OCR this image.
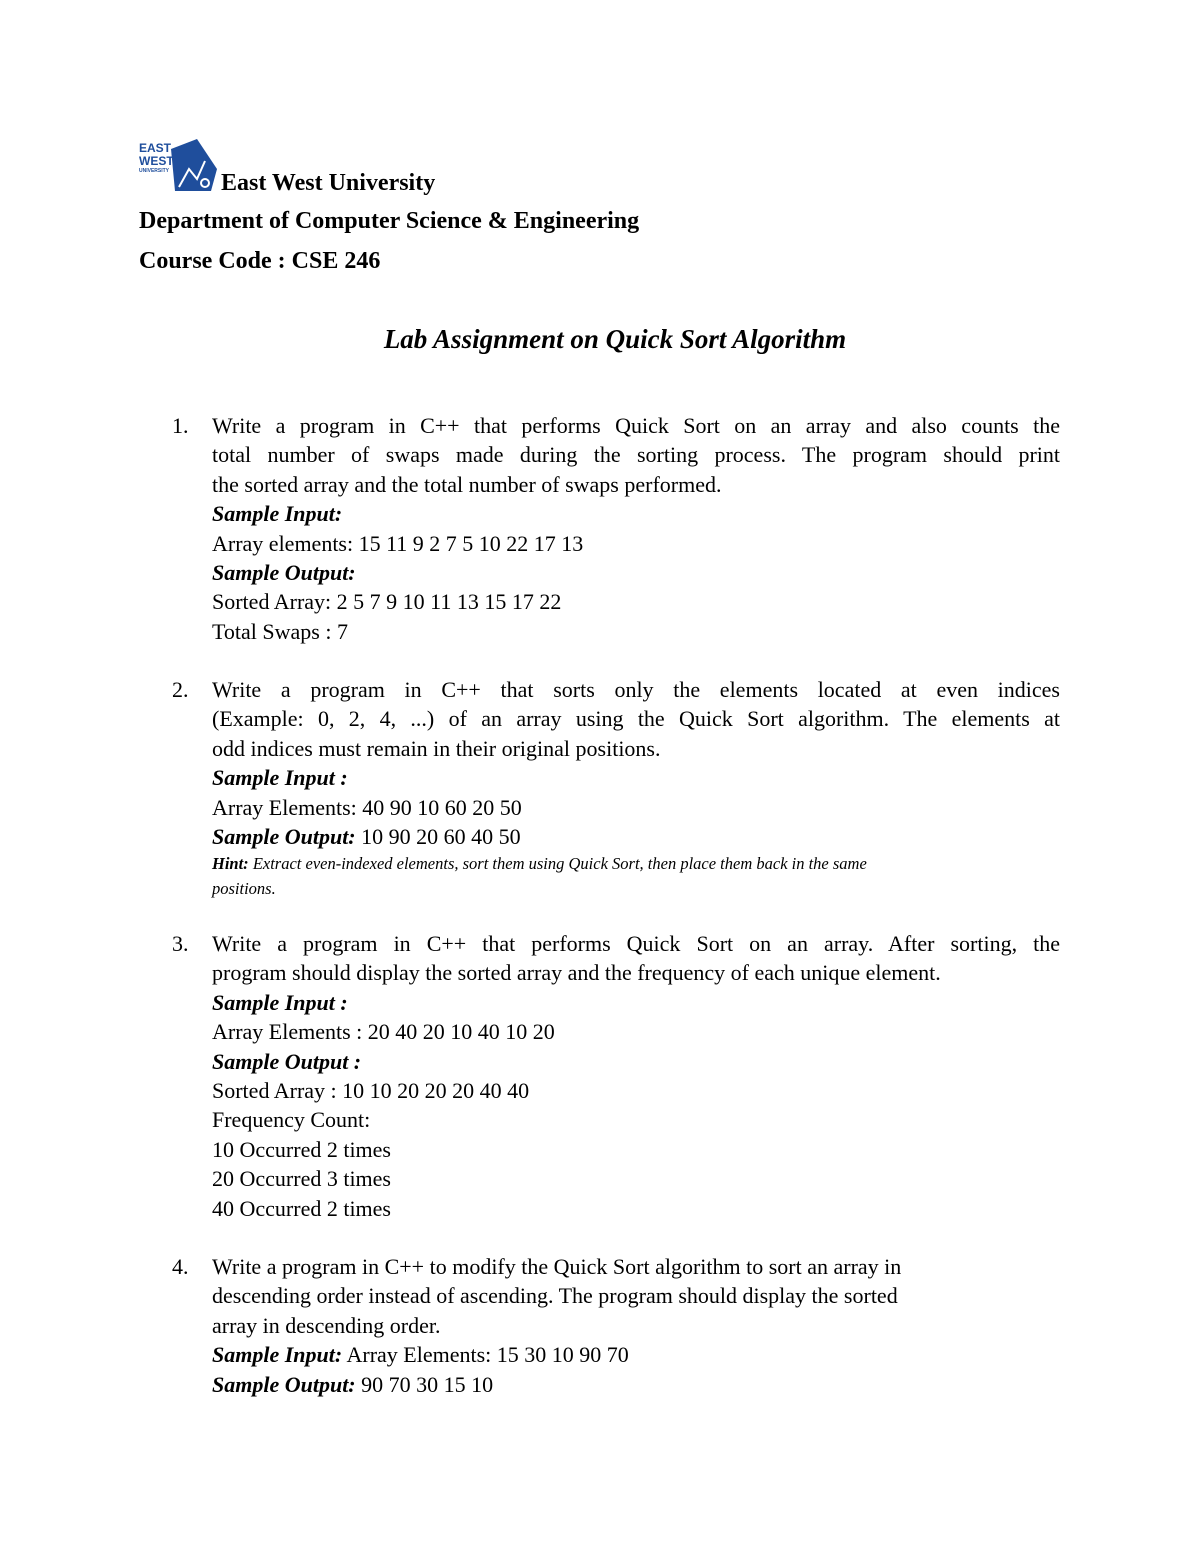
EAST
WEST
UNIVERSITY East West University
Department of Computer Science & Engineering
Course Code : CSE 246
Lab Assignment on Quick Sort Algorithm
1.	Write a program in C++ that performs Quick Sort on an array and also counts the

total number of swaps made during the sorting process. The program should print

the sorted array and the total number of swaps performed.

Sample Input:

Array elements: 15 11 9 2 7 5 10 22 17 13

Sample Output:

Sorted Array: 2 5 7 9 10 11 13 15 17 22

Total Swaps : 7

2.	Write a program in C++ that sorts only the elements located at even indices

(Example: 0, 2, 4, ...) of an array using the Quick Sort algorithm. The elements at

odd indices must remain in their original positions.

Sample Input :

Array Elements: 40 90 10 60 20 50

Sample Output: 10 90 20 60 40 50

Hint: Extract even-indexed elements, sort them using Quick Sort, then place them back in the same

positions.

3.	Write a program in C++ that performs Quick Sort on an array. After sorting, the

program should display the sorted array and the frequency of each unique element.

Sample Input :

Array Elements : 20 40 20 10 40 10 20

Sample Output :

Sorted Array : 10 10 20 20 20 40 40

Frequency Count:

10 Occurred 2 times

20 Occurred 3 times

40 Occurred 2 times

4.	Write a program in C++ to modify the Quick Sort algorithm to sort an array in

descending order instead of ascending. The program should display the sorted

array in descending order.

Sample Input: Array Elements: 15 30 10 90 70

Sample Output: 90 70 30 15 10
